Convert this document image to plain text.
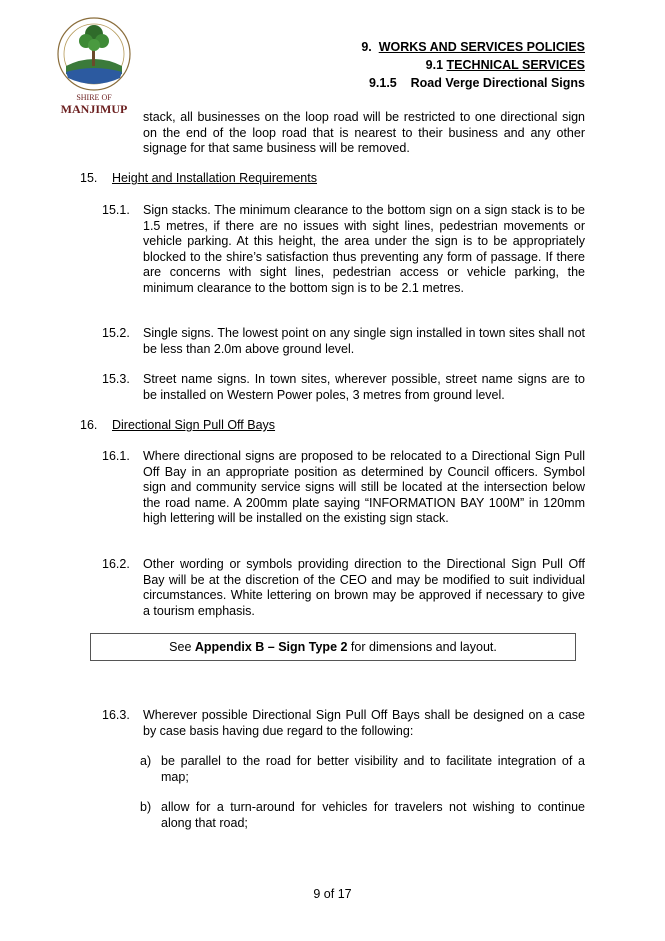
SHIRE OF
MANJIMUP
9. WORKS AND SERVICES POLICIES
9.1 TECHNICAL SERVICES
9.1.5    Road Verge Directional Signs
stack, all businesses on the loop road will be restricted to one directional sign on the end of the loop road that is nearest to their business and any other signage for that same business will be removed.
15. Height and Installation Requirements
15.1. Sign stacks. The minimum clearance to the bottom sign on a sign stack is to be 1.5 metres, if there are no issues with sight lines, pedestrian movements or vehicle parking. At this height, the area under the sign is to be appropriately blocked to the shire’s satisfaction thus preventing any form of passage. If there are concerns with sight lines, pedestrian access or vehicle parking, the minimum clearance to the bottom sign is to be 2.1 metres.
15.2. Single signs. The lowest point on any single sign installed in town sites shall not be less than 2.0m above ground level.
15.3. Street name signs. In town sites, wherever possible, street name signs are to be installed on Western Power poles, 3 metres from ground level.
16. Directional Sign Pull Off Bays
16.1. Where directional signs are proposed to be relocated to a Directional Sign Pull Off Bay in an appropriate position as determined by Council officers. Symbol sign and community service signs will still be located at the intersection below the road name. A 200mm plate saying “INFORMATION BAY 100M” in 120mm high lettering will be installed on the existing sign stack.
16.2. Other wording or symbols providing direction to the Directional Sign Pull Off Bay will be at the discretion of the CEO and may be modified to suit individual circumstances. White lettering on brown may be approved if necessary to give a tourism emphasis.
See Appendix B – Sign Type 2 for dimensions and layout.
16.3. Wherever possible Directional Sign Pull Off Bays shall be designed on a case by case basis having due regard to the following:
a) be parallel to the road for better visibility and to facilitate integration of a map;
b) allow for a turn-around for vehicles for travelers not wishing to continue along that road;
9 of 17
